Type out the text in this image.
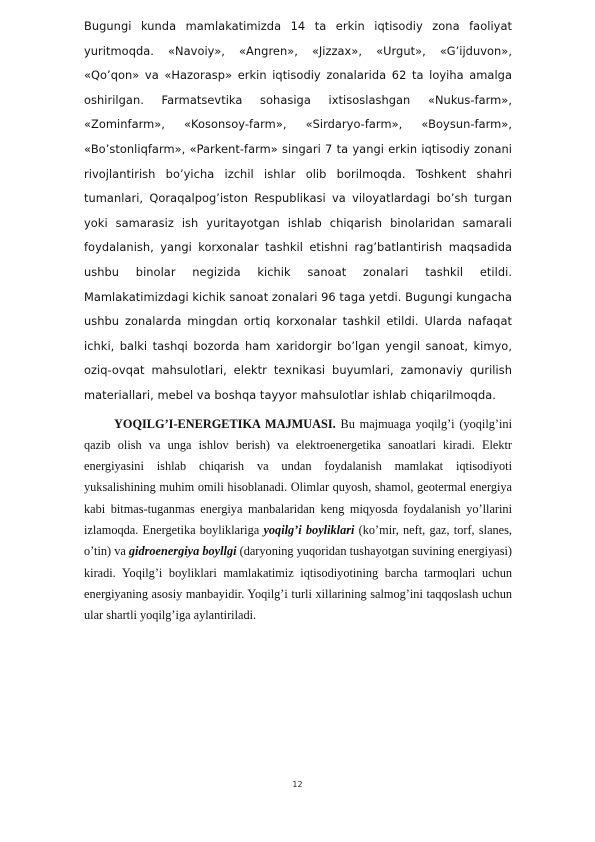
Bugungi kunda mamlakatimizda 14 ta erkin iqtisodiy zona faoliyat yuritmoqda. «Navoiy», «Angren», «Jizzax», «Urgut», «G’ijduvon», «Qo’qon» va «Hazorasp» erkin iqtisodiy zonalarida 62 ta loyiha amalga oshirilgan. Farmatsevtika sohasiga ixtisoslashgan «Nukus-farm», «Zominfarm», «Kosonsoy-farm», «Sirdaryo-farm», «Boysun-farm», «Bo’stonliqfarm», «Parkent-farm» singari 7 ta yangi erkin iqtisodiy zonani rivojlantirish bo’yicha izchil ishlar olib borilmoqda. Toshkent shahri tumanlari, Qoraqalpog’iston Respublikasi va viloyatlardagi bo’sh turgan yoki samarasiz ish yuritayotgan ishlab chiqarish binolaridan samarali foydalanish, yangi korxonalar tashkil etishni rag’batlantirish maqsadida ushbu binolar negizida kichik sanoat zonalari tashkil etildi. Mamlakatimizdagi kichik sanoat zonalari 96 taga yetdi. Bugungi kungacha ushbu zonalarda mingdan ortiq korxonalar tashkil etildi. Ularda nafaqat ichki, balki tashqi bozorda ham xaridorgir bo’lgan yengil sanoat, kimyo, oziq-ovqat mahsulotlari, elektr texnikasi buyumlari, zamonaviy qurilish materiallari, mebel va boshqa tayyor mahsulotlar ishlab chiqarilmoqda.

YOQILG’I-ENERGETIKA MAJMUASI. Bu majmuaga yoqilg’i (yoqilg’ini qazib olish va unga ishlov berish) va elektroenergetika sanoatlari kiradi. Elektr energiyasini ishlab chiqarish va undan foydalanish mamlakat iqtisodiyoti yuksalishining muhim omili hisoblanadi. Olimlar quyosh, shamol, geotermal energiya kabi bitmas-tuganmas energiya manbalaridan keng miqyosda foydalanish yo’llarini izlamoqda. Energetika boyliklariga yoqilg’i boyliklari (ko’mir, neft, gaz, torf, slanes, o’tin) va gidroenergiya boyllgi (daryoning yuqoridan tushayotgan suvining energiyasi) kiradi. Yoqilg’i boyliklari mamlakatimiz iqtisodiyotining barcha tarmoqlari uchun energiyaning asosiy manbayidir. Yoqilg’i turli xillarining salmog’ini taqqoslash uchun ular shartli yoqilg’iga aylantiriladi.

12
